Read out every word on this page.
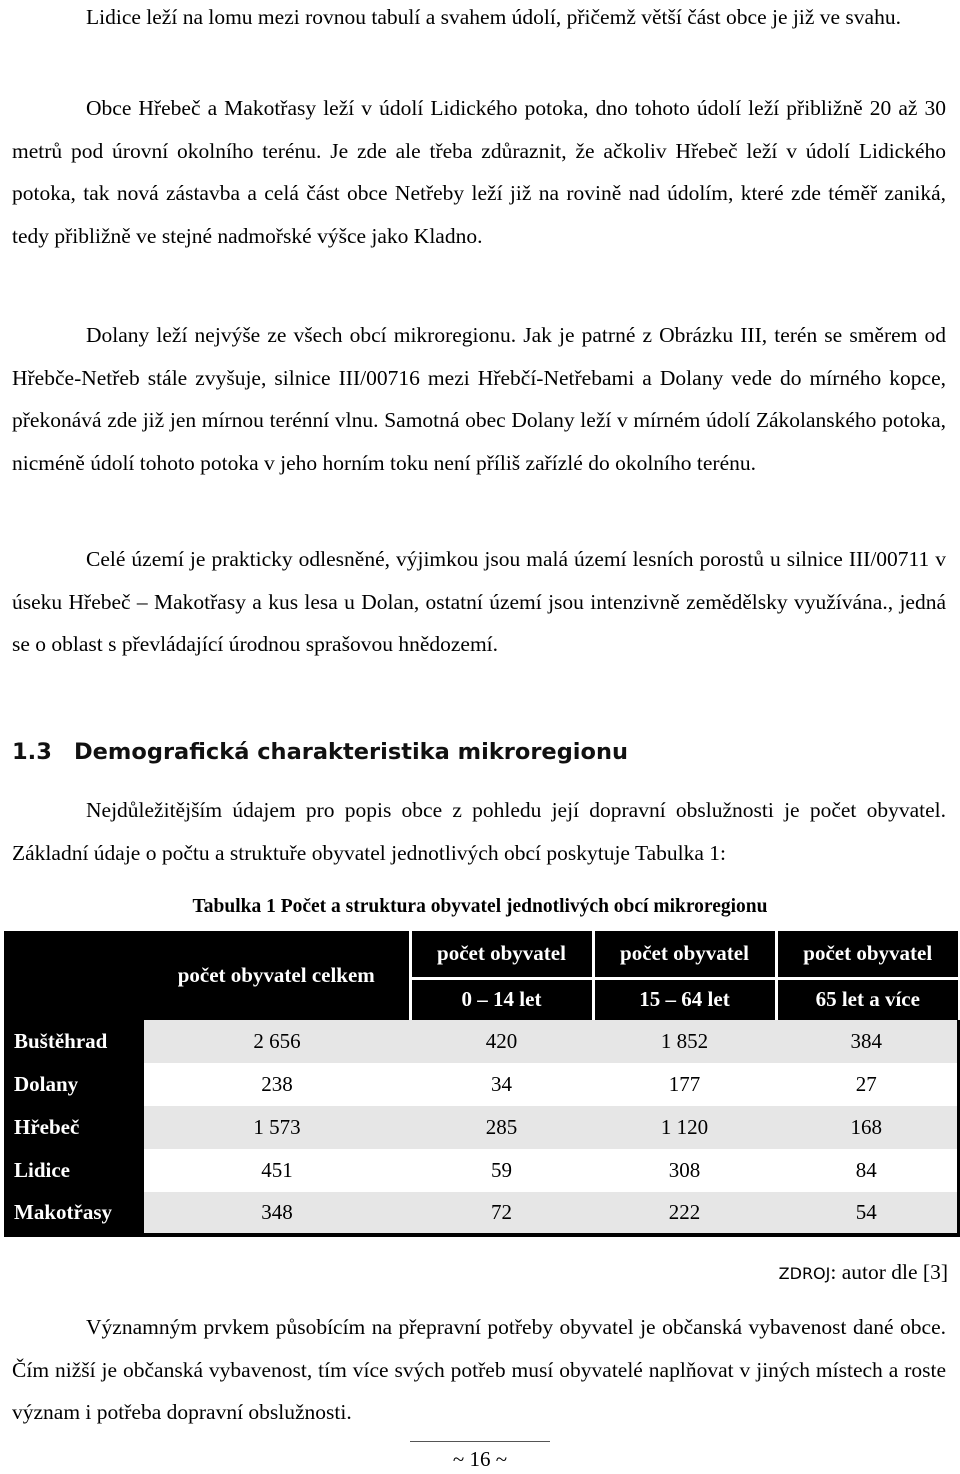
Lidice leží na lomu mezi rovnou tabulí a svahem údolí, přičemž větší část obce je již ve svahu.

Obce Hřebeč a Makotřasy leží v údolí Lidického potoka, dno tohoto údolí leží přibližně 20 až 30 metrů pod úrovní okolního terénu. Je zde ale třeba zdůraznit, že ačkoliv Hřebeč leží v údolí Lidického potoka, tak nová zástavba a celá část obce Netřeby leží již na rovině nad údolím, které zde téměř zaniká, tedy přibližně ve stejné nadmořské výšce jako Kladno.

Dolany leží nejvýše ze všech obcí mikroregionu. Jak je patrné z Obrázku III, terén se směrem od Hřebče-Netřeb stále zvyšuje, silnice III/00716 mezi Hřebčí-Netřebami a Dolany vede do mírného kopce, překonává zde již jen mírnou terénní vlnu. Samotná obec Dolany leží v mírném údolí Zákolanského potoka, nicméně údolí tohoto potoka v jeho horním toku není příliš zařízlé do okolního terénu.

Celé území je prakticky odlesněné, výjimkou jsou malá území lesních porostů u silnice III/00711 v úseku Hřebeč – Makotřasy a kus lesa u Dolan, ostatní území jsou intenzivně zemědělsky využívána., jedná se o oblast s převládající úrodnou sprašovou hnědozemí.

1.3 Demografická charakteristika mikroregionu

Nejdůležitějším údajem pro popis obce z pohledu její dopravní obslužnosti je počet obyvatel. Základní údaje o počtu a struktuře obyvatel jednotlivých obcí poskytuje Tabulka 1:

Tabulka 1 Počet a struktura obyvatel jednotlivých obcí mikroregionu

	počet obyvatel celkem	počet obyvatel	počet obyvatel	počet obyvatel
		0 – 14 let	15 – 64 let	65 let a více
Buštěhrad	2 656	420	1 852	384
Dolany	238	34	177	27
Hřebeč	1 573	285	1 120	168
Lidice	451	59	308	84
Makotřasy	348	72	222	54
ZDROJ: autor dle [3]

Významným prvkem působícím na přepravní potřeby obyvatel je občanská vybavenost dané obce. Čím nižší je občanská vybavenost, tím více svých potřeb musí obyvatelé naplňovat v jiných místech a roste význam i potřeba dopravní obslužnosti.

~ 16 ~
